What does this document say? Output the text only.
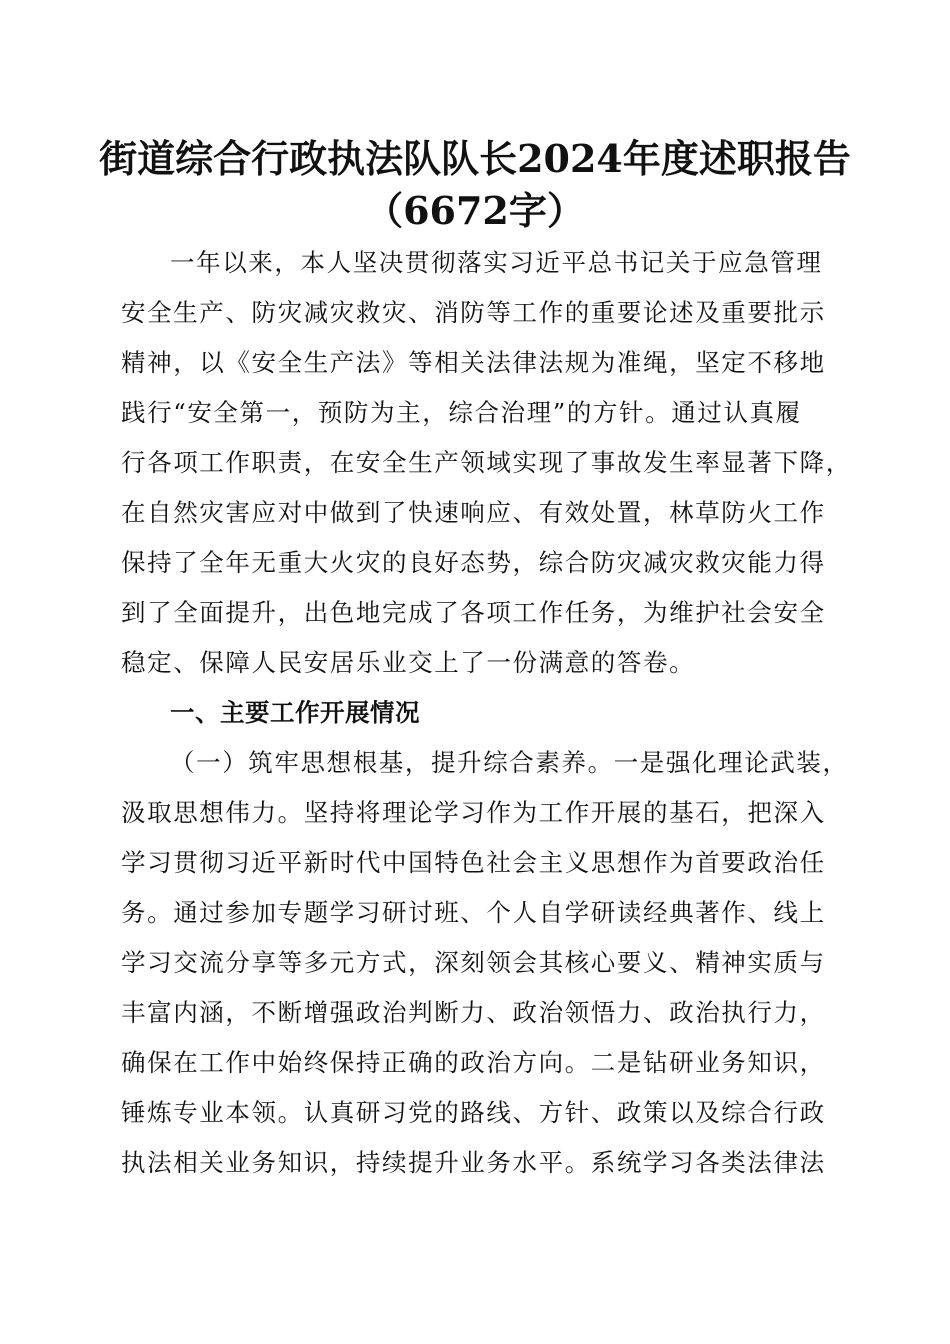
街道综合行政执法队队长2024年度述职报告
（6672字）
一年以来，本人坚决贯彻落实习近平总书记关于应急管理
安全生产、防灾减灾救灾、消防等工作的重要论述及重要批示
精神，以《安全生产法》等相关法律法规为准绳，坚定不移地
践行“安全第一，预防为主，综合治理”的方针。通过认真履
行各项工作职责，在安全生产领域实现了事故发生率显著下降，
在自然灾害应对中做到了快速响应、有效处置，林草防火工作
保持了全年无重大火灾的良好态势，综合防灾减灾救灾能力得
到了全面提升，出色地完成了各项工作任务，为维护社会安全
稳定、保障人民安居乐业交上了一份满意的答卷。
一、主要工作开展情况
（一）筑牢思想根基，提升综合素养。一是强化理论武装，
汲取思想伟力。坚持将理论学习作为工作开展的基石，把深入
学习贯彻习近平新时代中国特色社会主义思想作为首要政治任
务。通过参加专题学习研讨班、个人自学研读经典著作、线上
学习交流分享等多元方式，深刻领会其核心要义、精神实质与
丰富内涵，不断增强政治判断力、政治领悟力、政治执行力，
确保在工作中始终保持正确的政治方向。二是钻研业务知识，
锤炼专业本领。认真研习党的路线、方针、政策以及综合行政
执法相关业务知识，持续提升业务水平。系统学习各类法律法
